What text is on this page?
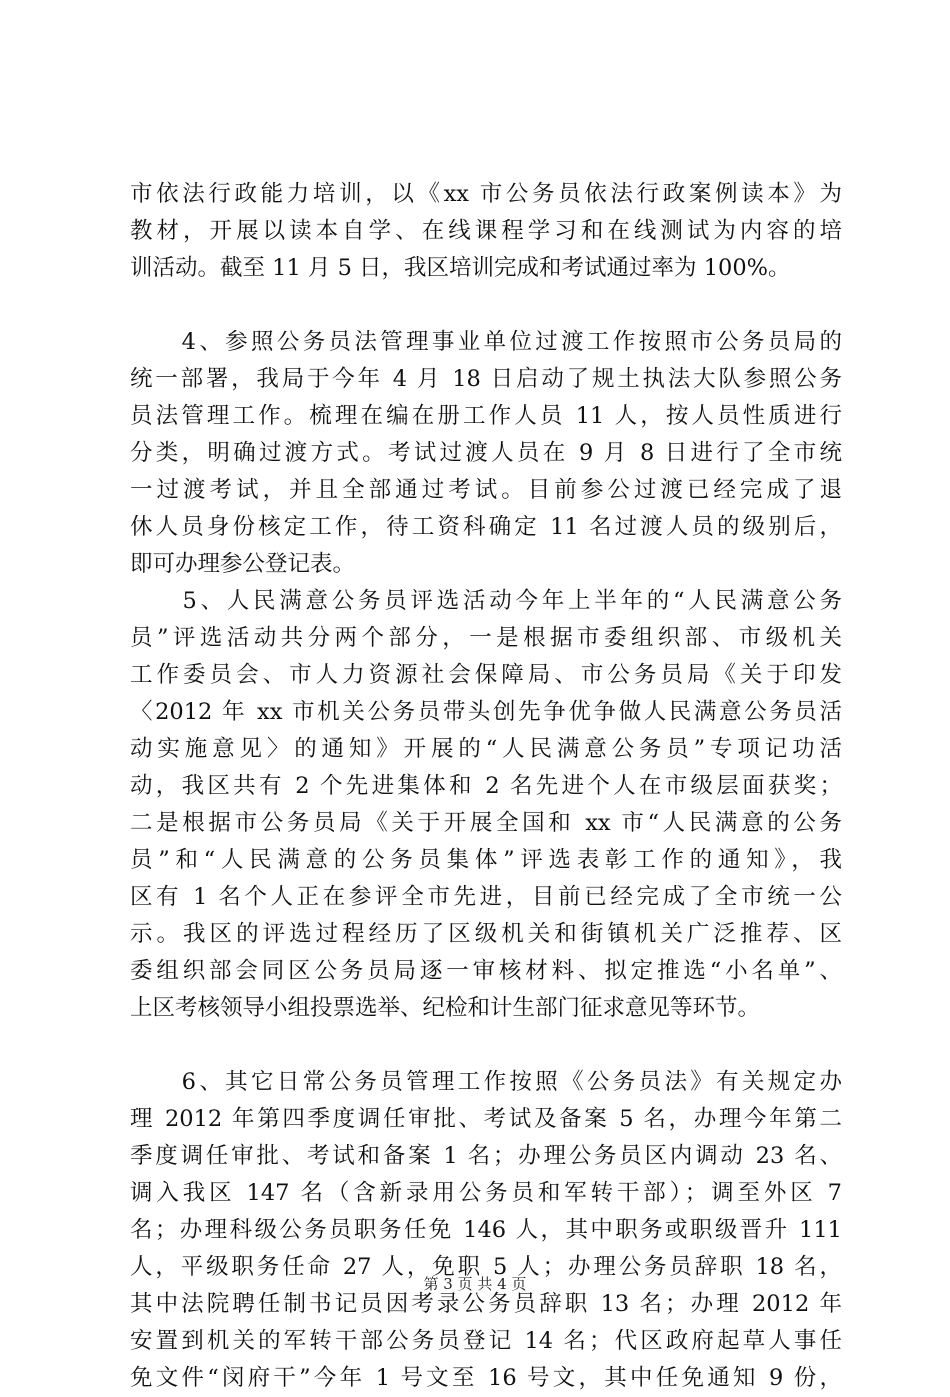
市依法行政能力培训，以《xx 市公务员依法行政案例读本》为
教材，开展以读本自学、在线课程学习和在线测试为内容的培
训活动。截至 11 月 5 日，我区培训完成和考试通过率为 100%。
　　4、参照公务员法管理事业单位过渡工作按照市公务员局的
统一部署，我局于今年 4 月 18 日启动了规土执法大队参照公务
员法管理工作。梳理在编在册工作人员 11 人，按人员性质进行
分类，明确过渡方式。考试过渡人员在 9 月 8 日进行了全市统
一过渡考试，并且全部通过考试。目前参公过渡已经完成了退
休人员身份核定工作，待工资科确定 11 名过渡人员的级别后，
即可办理参公登记表。
　　5、人民满意公务员评选活动今年上半年的“人民满意公务
员”评选活动共分两个部分，一是根据市委组织部、市级机关
工作委员会、市人力资源社会保障局、市公务员局《关于印发
〈2012 年 xx 市机关公务员带头创先争优争做人民满意公务员活
动实施意见〉的通知》开展的“人民满意公务员”专项记功活
动，我区共有 2 个先进集体和 2 名先进个人在市级层面获奖；
二是根据市公务员局《关于开展全国和 xx 市“人民满意的公务
员”和“人民满意的公务员集体”评选表彰工作的通知》，我
区有 1 名个人正在参评全市先进，目前已经完成了全市统一公
示。我区的评选过程经历了区级机关和街镇机关广泛推荐、区
委组织部会同区公务员局逐一审核材料、拟定推选“小名单”、
上区考核领导小组投票选举、纪检和计生部门征求意见等环节。
　　6、其它日常公务员管理工作按照《公务员法》有关规定办
理 2012 年第四季度调任审批、考试及备案 5 名，办理今年第二
季度调任审批、考试和备案 1 名；办理公务员区内调动 23 名、
调入我区 147 名（含新录用公务员和军转干部）；调至外区 7
名；办理科级公务员职务任免 146 人，其中职务或职级晋升 111
人，平级职务任命 27 人，免职 5 人；办理公务员辞职 18 名，
其中法院聘任制书记员因考录公务员辞职 13 名；办理 2012 年
安置到机关的军转干部公务员登记 14 名；代区政府起草人事任
免文件“闵府干”今年 1 号文至 16 号文，其中任免通知 9 份，
第 3 页 共 4 页
